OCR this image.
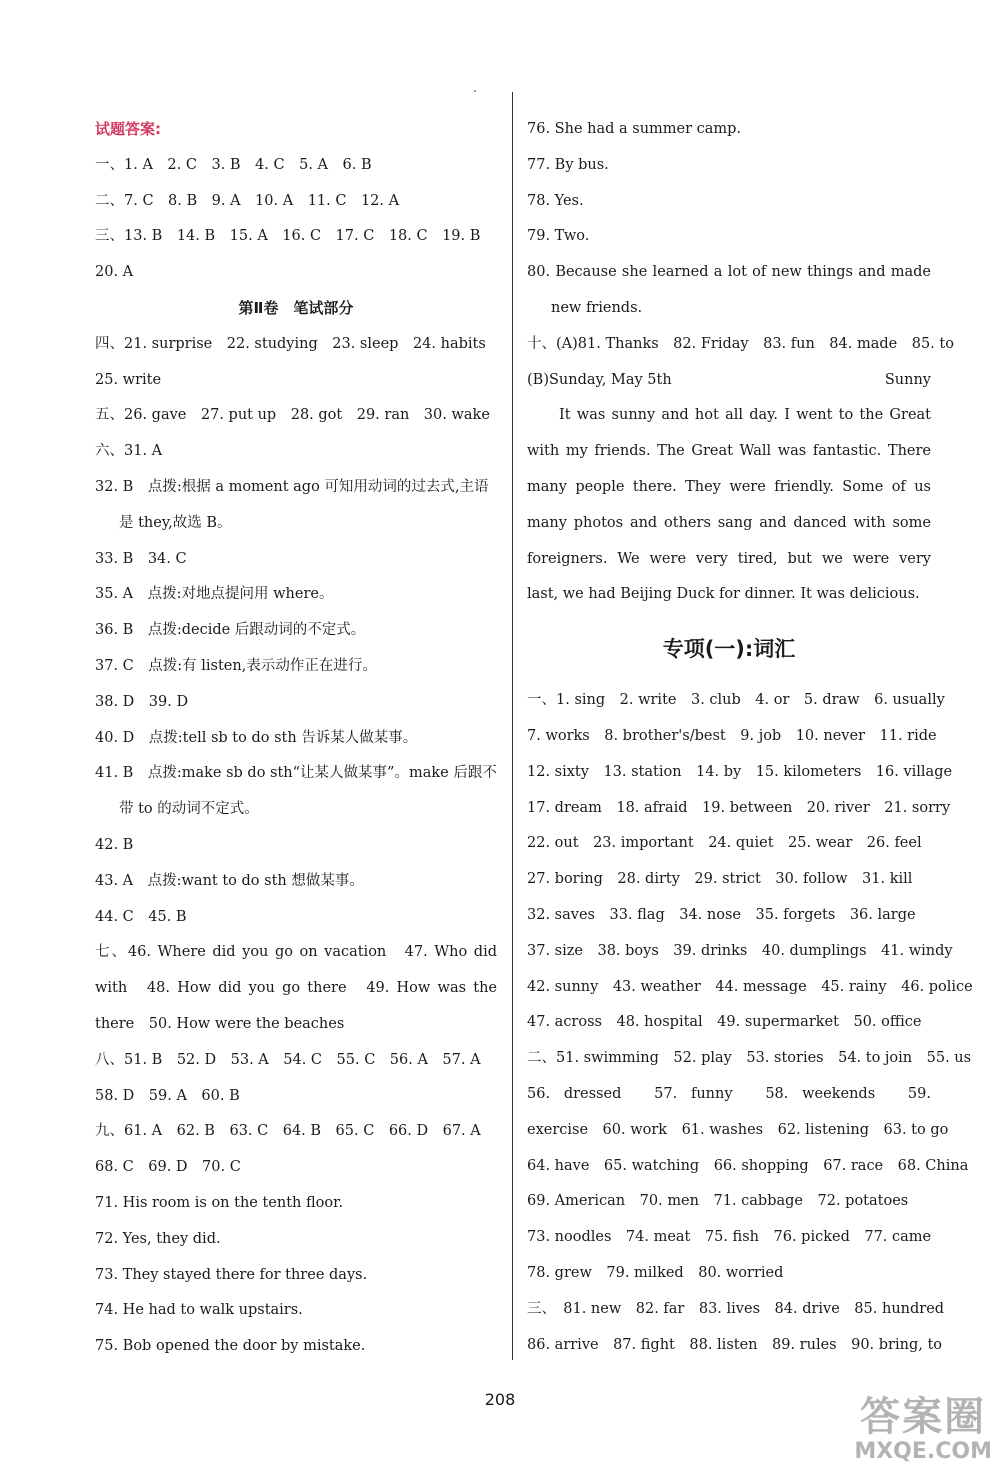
试题答案:
一、1. A　2. C　3. B　4. C　5. A　6. B
二、7. C　8. B　9. A　10. A　11. C　12. A
三、13. B　14. B　15. A　16. C　17. C　18. C　19. B
20. A
第Ⅱ卷　笔试部分
四、21. surprise　22. studying　23. sleep　24. habits
25. write
五、26. gave　27. put up　28. got　29. ran　30. wake
六、31. A
32. B　点拨:根据 a moment ago 可知用动词的过去式,主语
是 they,故选 B。
33. B　34. C
35. A　点拨:对地点提问用 where。
36. B　点拨:decide 后跟动词的不定式。
37. C　点拨:有 listen,表示动作正在进行。
38. D　39. D
40. D　点拨:tell sb to do sth 告诉某人做某事。
41. B　点拨:make sb do sth“让某人做某事”。make 后跟不
带 to 的动词不定式。
42. B
43. A　点拨:want to do sth 想做某事。
44. C　45. B
七、46. Where did you go on vacation　47. Who did
with　48. How did you go there　49. How was the
there　50. How were the beaches
八、51. B　52. D　53. A　54. C　55. C　56. A　57. A
58. D　59. A　60. B
九、61. A　62. B　63. C　64. B　65. C　66. D　67. A
68. C　69. D　70. C
71. His room is on the tenth floor.
72. Yes, they did.
73. They stayed there for three days.
74. He had to walk upstairs.
75. Bob opened the door by mistake.
76. She had a summer camp.
77. By bus.
78. Yes.
79. Two.
80. Because she learned a lot of new things and made
new friends.
十、(A)81. Thanks　82. Friday　83. fun　84. made　85. to
(B)Sunday, May 5th	Sunny
It was sunny and hot all day. I went to the Great
with my friends. The Great Wall was fantastic. There
many people there. They were friendly. Some of us
many photos and others sang and danced with some
foreigners. We were very tired, but we were very
last, we had Beijing Duck for dinner. It was delicious.
专项(一):词汇
一、1. sing　2. write　3. club　4. or　5. draw　6. usually
7. works　8. brother's/best　9. job　10. never　11. ride
12. sixty　13. station　14. by　15. kilometers　16. village
17. dream　18. afraid　19. between　20. river　21. sorry
22. out　23. important　24. quiet　25. wear　26. feel
27. boring　28. dirty　29. strict　30. follow　31. kill
32. saves　33. flag　34. nose　35. forgets　36. large
37. size　38. boys　39. drinks　40. dumplings　41. windy
42. sunny　43. weather　44. message　45. rainy　46. police
47. across　48. hospital　49. supermarket　50. office
二、51. swimming　52. play　53. stories　54. to join　55. us
56. dressed　57. funny　58. weekends　59.
exercise　60. work　61. washes　62. listening　63. to go
64. have　65. watching　66. shopping　67. race　68. China
69. American　70. men　71. cabbage　72. potatoes
73. noodles　74. meat　75. fish　76. picked　77. came
78. grew　79. milked　80. worried
三、　81. new　82. far　83. lives　84. drive　85. hundred
86. arrive　87. fight　88. listen　89. rules　90. bring, to
208	答案圈
MXQE.COM
